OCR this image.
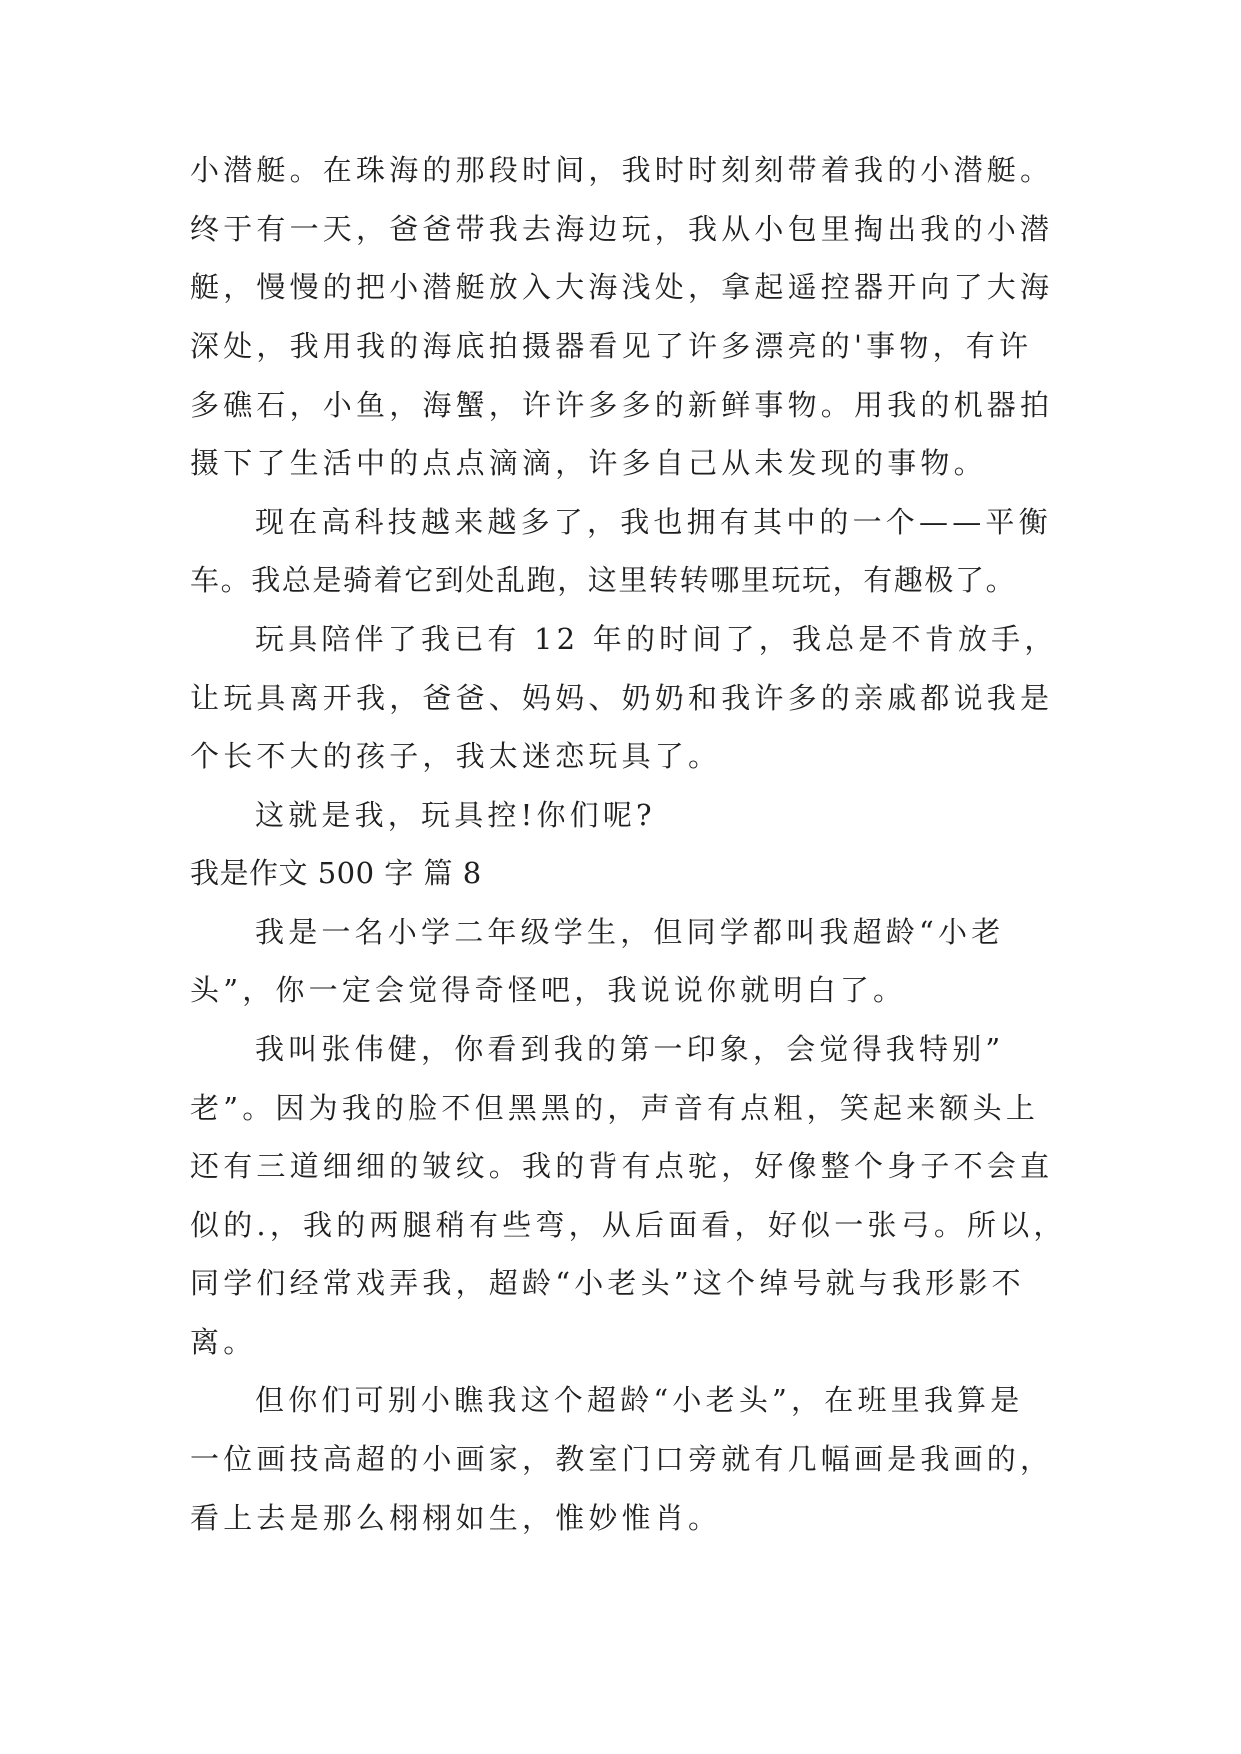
小潜艇。在珠海的那段时间，我时时刻刻带着我的小潜艇。
终于有一天，爸爸带我去海边玩，我从小包里掏出我的小潜
艇，慢慢的把小潜艇放入大海浅处，拿起遥控器开向了大海
深处，我用我的海底拍摄器看见了许多漂亮的'事物，有许
多礁石，小鱼，海蟹，许许多多的新鲜事物。用我的机器拍
摄下了生活中的点点滴滴，许多自己从未发现的事物。
现在高科技越来越多了，我也拥有其中的一个——平衡
车。我总是骑着它到处乱跑，这里转转哪里玩玩，有趣极了。
玩具陪伴了我已有 12 年的时间了，我总是不肯放手，
让玩具离开我，爸爸、妈妈、奶奶和我许多的亲戚都说我是
个长不大的孩子，我太迷恋玩具了。
这就是我，玩具控!你们呢?
我是作文 500 字 篇 8
我是一名小学二年级学生，但同学都叫我超龄“小老
头”，你一定会觉得奇怪吧，我说说你就明白了。
我叫张伟健，你看到我的第一印象，会觉得我特别”
老”。因为我的脸不但黑黑的，声音有点粗，笑起来额头上
还有三道细细的皱纹。我的背有点驼，好像整个身子不会直
似的.，我的两腿稍有些弯，从后面看，好似一张弓。所以，
同学们经常戏弄我，超龄“小老头”这个绰号就与我形影不
离。
但你们可别小瞧我这个超龄“小老头”，在班里我算是
一位画技高超的小画家，教室门口旁就有几幅画是我画的，
看上去是那么栩栩如生，惟妙惟肖。
